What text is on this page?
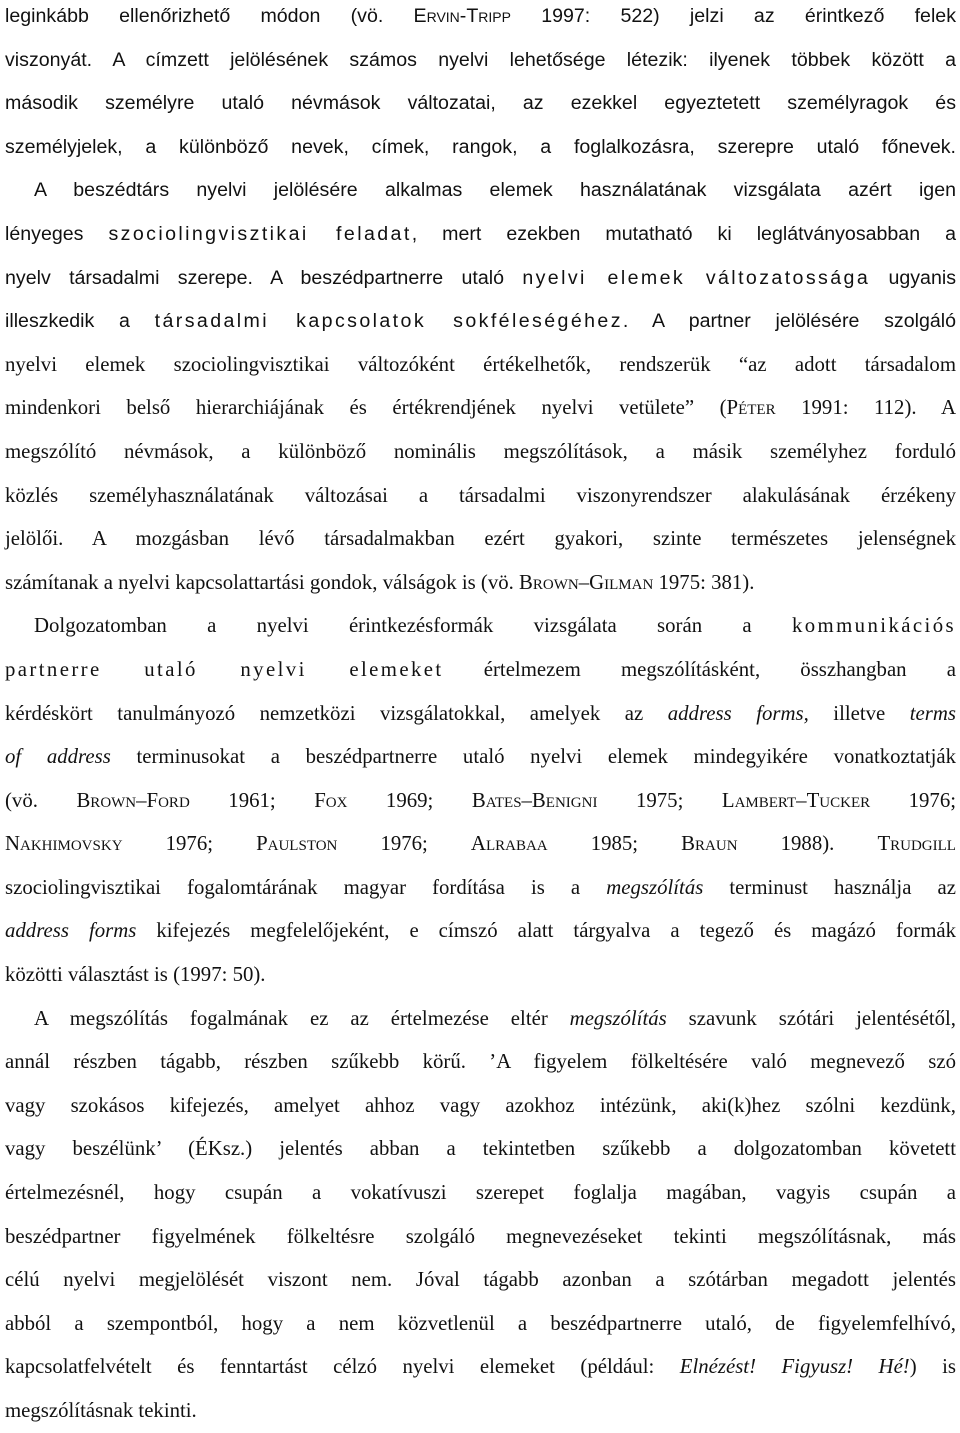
leginkább ellenőrizhető módon (vö. Ervin-Tripp 1997: 522) jelzi az érintkező felek
viszonyát. A címzett jelölésének számos nyelvi lehetősége létezik: ilyenek többek között a
második személyre utaló névmások változatai, az ezekkel egyeztetett személyragok és
személyjelek, a különböző nevek, címek, rangok, a foglalkozásra, szerepre utaló főnevek.
A beszédtárs nyelvi jelölésére alkalmas elemek használatának vizsgálata azért igen
lényeges szociolingvisztikai feladat, mert ezekben mutatható ki leglátványosabban a
nyelv társadalmi szerepe. A beszédpartnerre utaló nyelvi elemek változatossága ugyanis
illeszkedik a társadalmi kapcsolatok sokféleségéhez. A partner jelölésére szolgáló
nyelvi elemek szociolingvisztikai változóként értékelhetők, rendszerük “az adott társadalom
mindenkori belső hierarchiájának és értékrendjének nyelvi vetülete” (Péter 1991: 112). A
megszólító névmások, a különböző nominális megszólítások, a másik személyhez forduló
közlés személyhasználatának változásai a társadalmi viszonyrendszer alakulásának érzékeny
jelölői. A mozgásban lévő társadalmakban ezért gyakori, szinte természetes jelenségnek
számítanak a nyelvi kapcsolattartási gondok, válságok is (vö. Brown–Gilman 1975: 381).
Dolgozatomban a nyelvi érintkezésformák vizsgálata során a kommunikációs
partnerre utaló nyelvi elemeket értelmezem megszólításként, összhangban a
kérdéskört tanulmányozó nemzetközi vizsgálatokkal, amelyek az address forms, illetve terms
of address terminusokat a beszédpartnerre utaló nyelvi elemek mindegyikére vonatkoztatják
(vö. Brown–Ford 1961; Fox 1969; Bates–Benigni 1975; Lambert–Tucker 1976;
Nakhimovsky 1976; Paulston 1976; Alrabaa 1985; Braun 1988). Trudgill
szociolingvisztikai fogalomtárának magyar fordítása is a megszólítás terminust használja az
address forms kifejezés megfelelőjeként, e címszó alatt tárgyalva a tegező és magázó formák
közötti választást is (1997: 50).
A megszólítás fogalmának ez az értelmezése eltér megszólítás szavunk szótári jelentésétől,
annál részben tágabb, részben szűkebb körű. ’A figyelem fölkeltésére való megnevező szó
vagy szokásos kifejezés, amelyet ahhoz vagy azokhoz intézünk, aki(k)hez szólni kezdünk,
vagy beszélünk’ (ÉKsz.) jelentés abban a tekintetben szűkebb a dolgozatomban követett
értelmezésnél, hogy csupán a vokatívuszi szerepet foglalja magában, vagyis csupán a
beszédpartner figyelmének fölkeltésre szolgáló megnevezéseket tekinti megszólításnak, más
célú nyelvi megjelölését viszont nem. Jóval tágabb azonban a szótárban megadott jelentés
abból a szempontból, hogy a nem közvetlenül a beszédpartnerre utaló, de figyelemfelhívó,
kapcsolatfelvételt és fenntartást célzó nyelvi elemeket (például: Elnézést! Figyusz! Hé!) is
megszólításnak tekinti.
